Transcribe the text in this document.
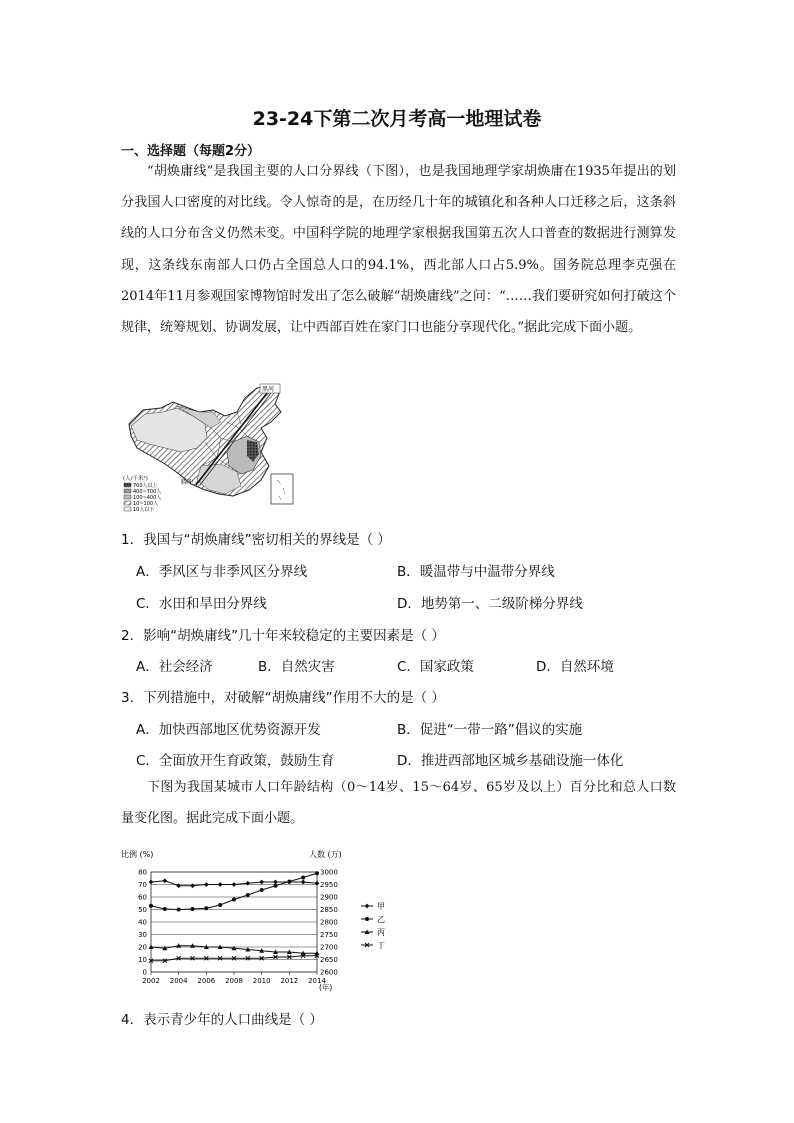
23-24下第二次月考高一地理试卷
一、选择题（每题2分）

“胡焕庸线”是我国主要的人口分界线（下图），也是我国地理学家胡焕庸在1935年提出的划分我国人口密度的对比线。令人惊奇的是，在历经几十年的城镇化和各种人口迁移之后，这条斜线的人口分布含义仍然未变。中国科学院的地理学家根据我国第五次人口普查的数据进行测算发现，这条线东南部人口仍占全国总人口的94.1%，西北部人口占5.9%。国务院总理李克强在2014年11月参观国家博物馆时发出了怎么破解“胡焕庸线”之问：“……我们要研究如何打破这个规律，统筹规划、协调发展，让中西部百姓在家门口也能分享现代化。”据此完成下面小题。

黑河
腾冲
(人/千米²)
700人以上
400~700人
100~400人
10~100人
10人以下
1．我国与“胡焕庸线”密切相关的界线是（ ）
A．季风区与非季风区分界线	B．暖温带与中温带分界线
C．水田和旱田分界线	D．地势第一、二级阶梯分界线
2．影响“胡焕庸线”几十年来较稳定的主要因素是（ ）
A．社会经济	B．自然灾害	C．国家政策	D．自然环境
3．下列措施中，对破解“胡焕庸线”作用不大的是（ ）
A．加快西部地区优势资源开发	B．促进“一带一路”倡议的实施
C．全面放开生育政策，鼓励生育	D．推进西部地区城乡基础设施一体化

下图为我国某城市人口年龄结构（0～14岁、15～64岁、65岁及以上）百分比和总人口数量变化图。据此完成下面小题。

比例 (%)	人数 (万)
(年)
0
10
20
30
40
50
60
70
80
2600
2650
2700
2750
2800
2850
2900
2950
3000
2002 2004 2006 2008 2010 2012 2014
甲
乙
丙
丁
4．表示青少年的人口曲线是（ ）
